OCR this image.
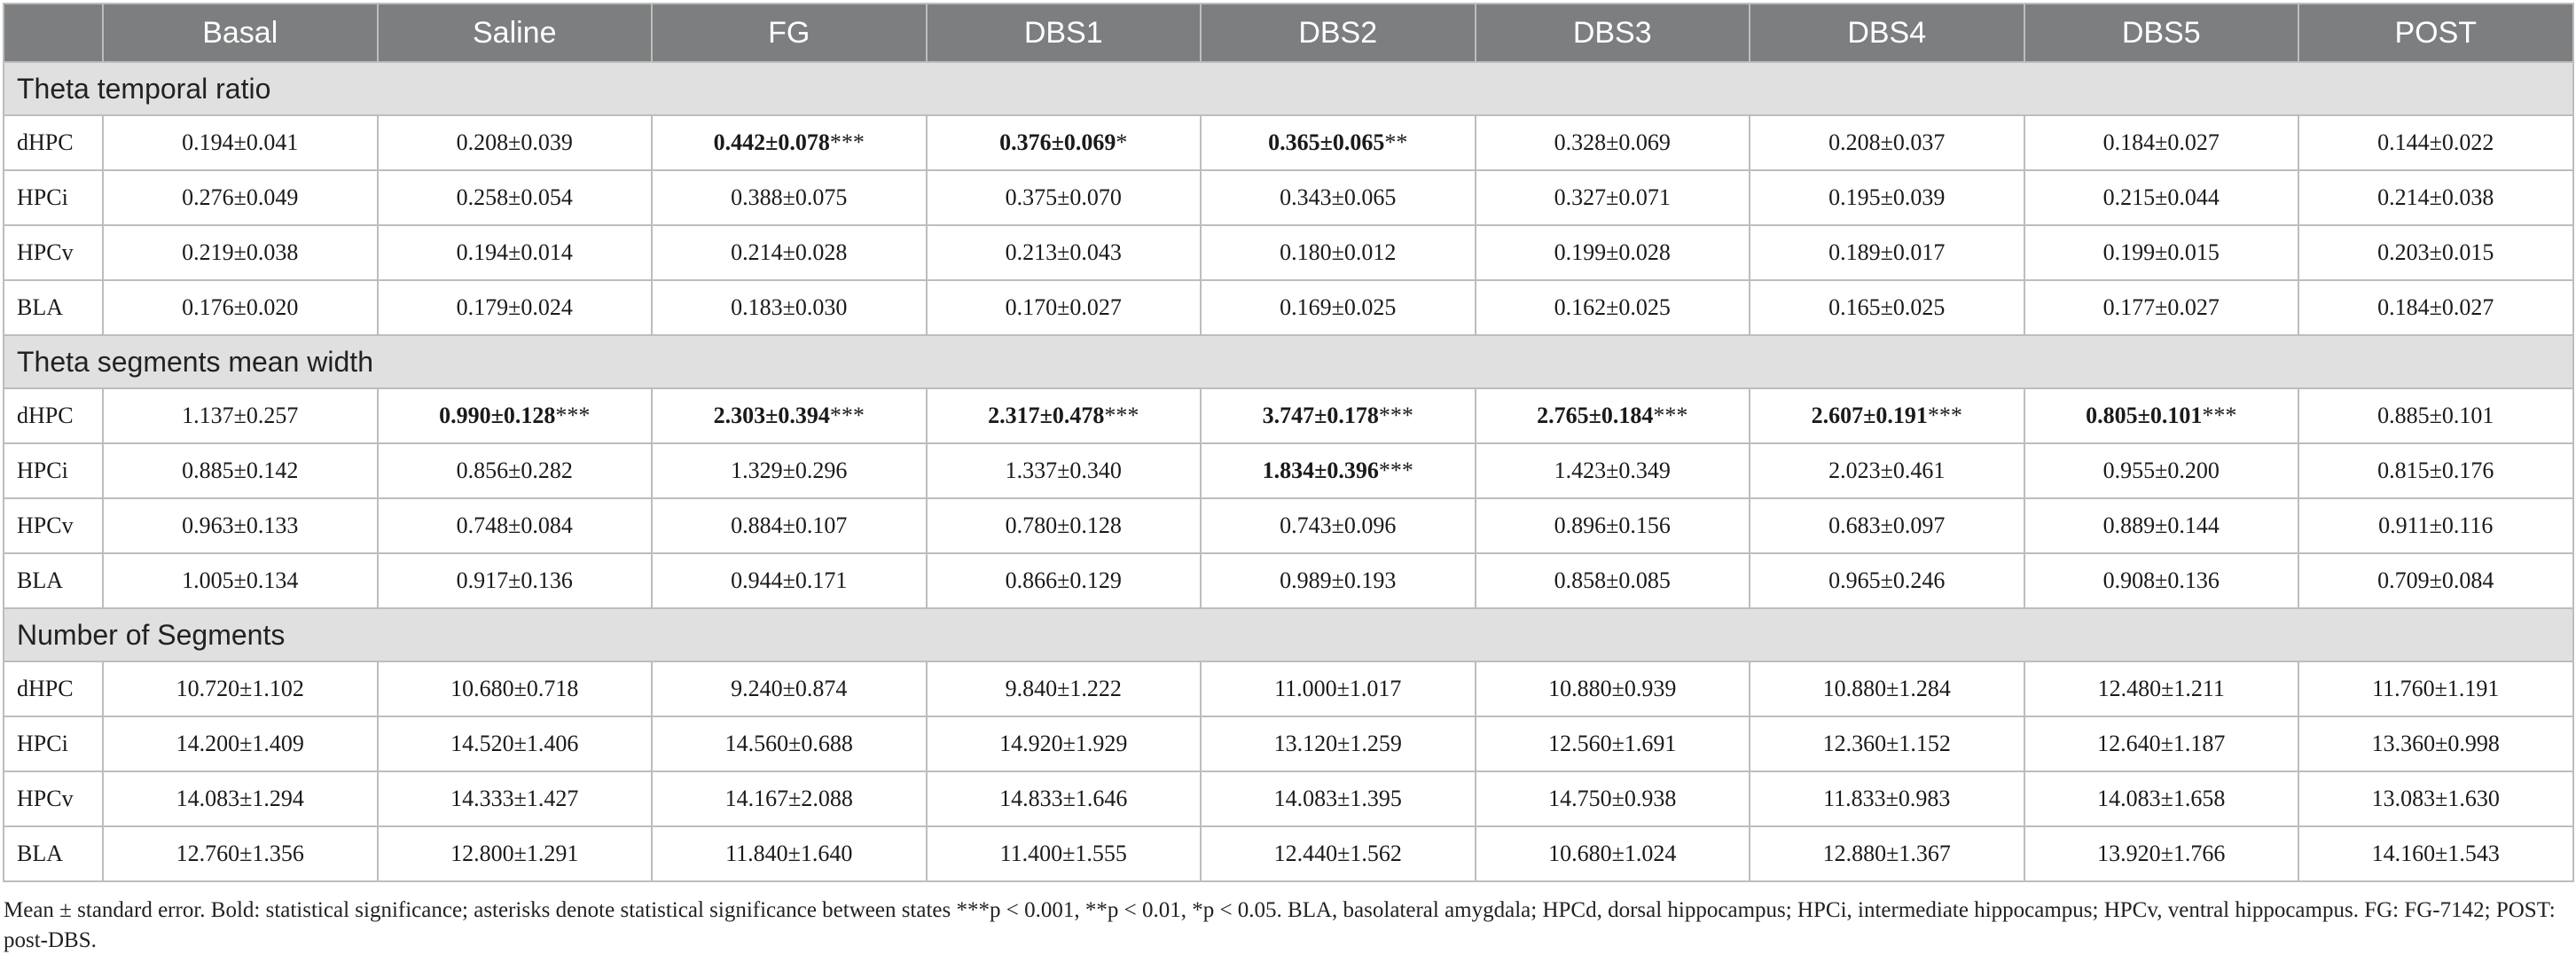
	Basal	Saline	FG	DBS1	DBS2	DBS3	DBS4	DBS5	POST
Theta temporal ratio									
dHPC	0.194±0.041	0.208±0.039	0.442±0.078***	0.376±0.069*	0.365±0.065**	0.328±0.069	0.208±0.037	0.184±0.027	0.144±0.022
HPCi	0.276±0.049	0.258±0.054	0.388±0.075	0.375±0.070	0.343±0.065	0.327±0.071	0.195±0.039	0.215±0.044	0.214±0.038
HPCv	0.219±0.038	0.194±0.014	0.214±0.028	0.213±0.043	0.180±0.012	0.199±0.028	0.189±0.017	0.199±0.015	0.203±0.015
BLA	0.176±0.020	0.179±0.024	0.183±0.030	0.170±0.027	0.169±0.025	0.162±0.025	0.165±0.025	0.177±0.027	0.184±0.027
Theta segments mean width									
dHPC	1.137±0.257	0.990±0.128***	2.303±0.394***	2.317±0.478***	3.747±0.178***	2.765±0.184***	2.607±0.191***	0.805±0.101***	0.885±0.101
HPCi	0.885±0.142	0.856±0.282	1.329±0.296	1.337±0.340	1.834±0.396***	1.423±0.349	2.023±0.461	0.955±0.200	0.815±0.176
HPCv	0.963±0.133	0.748±0.084	0.884±0.107	0.780±0.128	0.743±0.096	0.896±0.156	0.683±0.097	0.889±0.144	0.911±0.116
BLA	1.005±0.134	0.917±0.136	0.944±0.171	0.866±0.129	0.989±0.193	0.858±0.085	0.965±0.246	0.908±0.136	0.709±0.084
Number of Segments									
dHPC	10.720±1.102	10.680±0.718	9.240±0.874	9.840±1.222	11.000±1.017	10.880±0.939	10.880±1.284	12.480±1.211	11.760±1.191
HPCi	14.200±1.409	14.520±1.406	14.560±0.688	14.920±1.929	13.120±1.259	12.560±1.691	12.360±1.152	12.640±1.187	13.360±0.998
HPCv	14.083±1.294	14.333±1.427	14.167±2.088	14.833±1.646	14.083±1.395	14.750±0.938	11.833±0.983	14.083±1.658	13.083±1.630
BLA	12.760±1.356	12.800±1.291	11.840±1.640	11.400±1.555	12.440±1.562	10.680±1.024	12.880±1.367	13.920±1.766	14.160±1.543
Mean ± standard error. Bold: statistical significance; asterisks denote statistical significance between states ***p < 0.001, **p < 0.01, *p < 0.05. BLA, basolateral amygdala; HPCd, dorsal hippocampus; HPCi, intermediate hippocampus; HPCv, ventral hippocampus. FG: FG-7142; POST: post-DBS.
